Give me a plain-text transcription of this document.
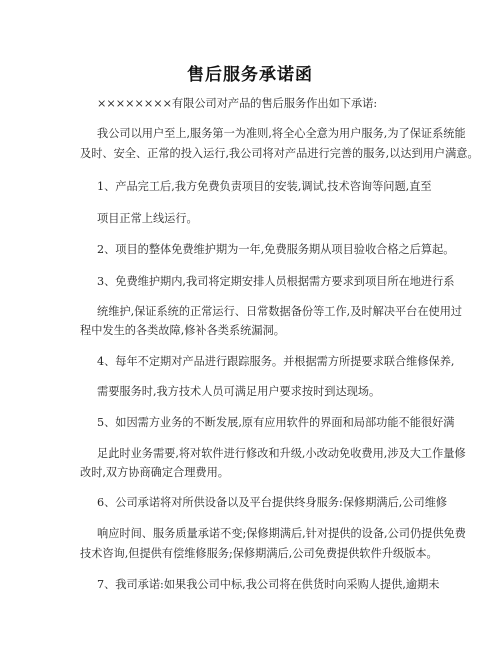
售后服务承诺函
××××××××有限公司对产品的售后服务作出如下承诺:
我公司以用户至上,服务第一为准则,将全心全意为用户服务,为了保证系统能
及时、安全、正常的投入运行,我公司将对产品进行完善的服务,以达到用户满意。
1、产品完工后,我方免费负责项目的安装,调试,技术咨询等问题,直至
项目正常上线运行。
2、项目的整体免费维护期为一年,免费服务期从项目验收合格之后算起。
3、免费维护期内,我司将定期安排人员根据需方要求到项目所在地进行系
统维护,保证系统的正常运行、日常数据备份等工作,及时解决平台在使用过
程中发生的各类故障,修补各类系统漏洞。
4、每年不定期对产品进行跟踪服务。并根据需方所提要求联合维修保养,
需要服务时,我方技术人员可满足用户要求按时到达现场。
5、如因需方业务的不断发展,原有应用软件的界面和局部功能不能很好满
足此时业务需要,将对软件进行修改和升级,小改动免收费用,涉及大工作量修
改时,双方协商确定合理费用。
6、公司承诺将对所供设备以及平台提供终身服务:保修期满后,公司维修
响应时间、服务质量承诺不变;保修期满后,针对提供的设备,公司仍提供免费
技术咨询,但提供有偿维修服务;保修期满后,公司免费提供软件升级版本。
7、我司承诺:如果我公司中标,我公司将在供货时向采购人提供,逾期未
